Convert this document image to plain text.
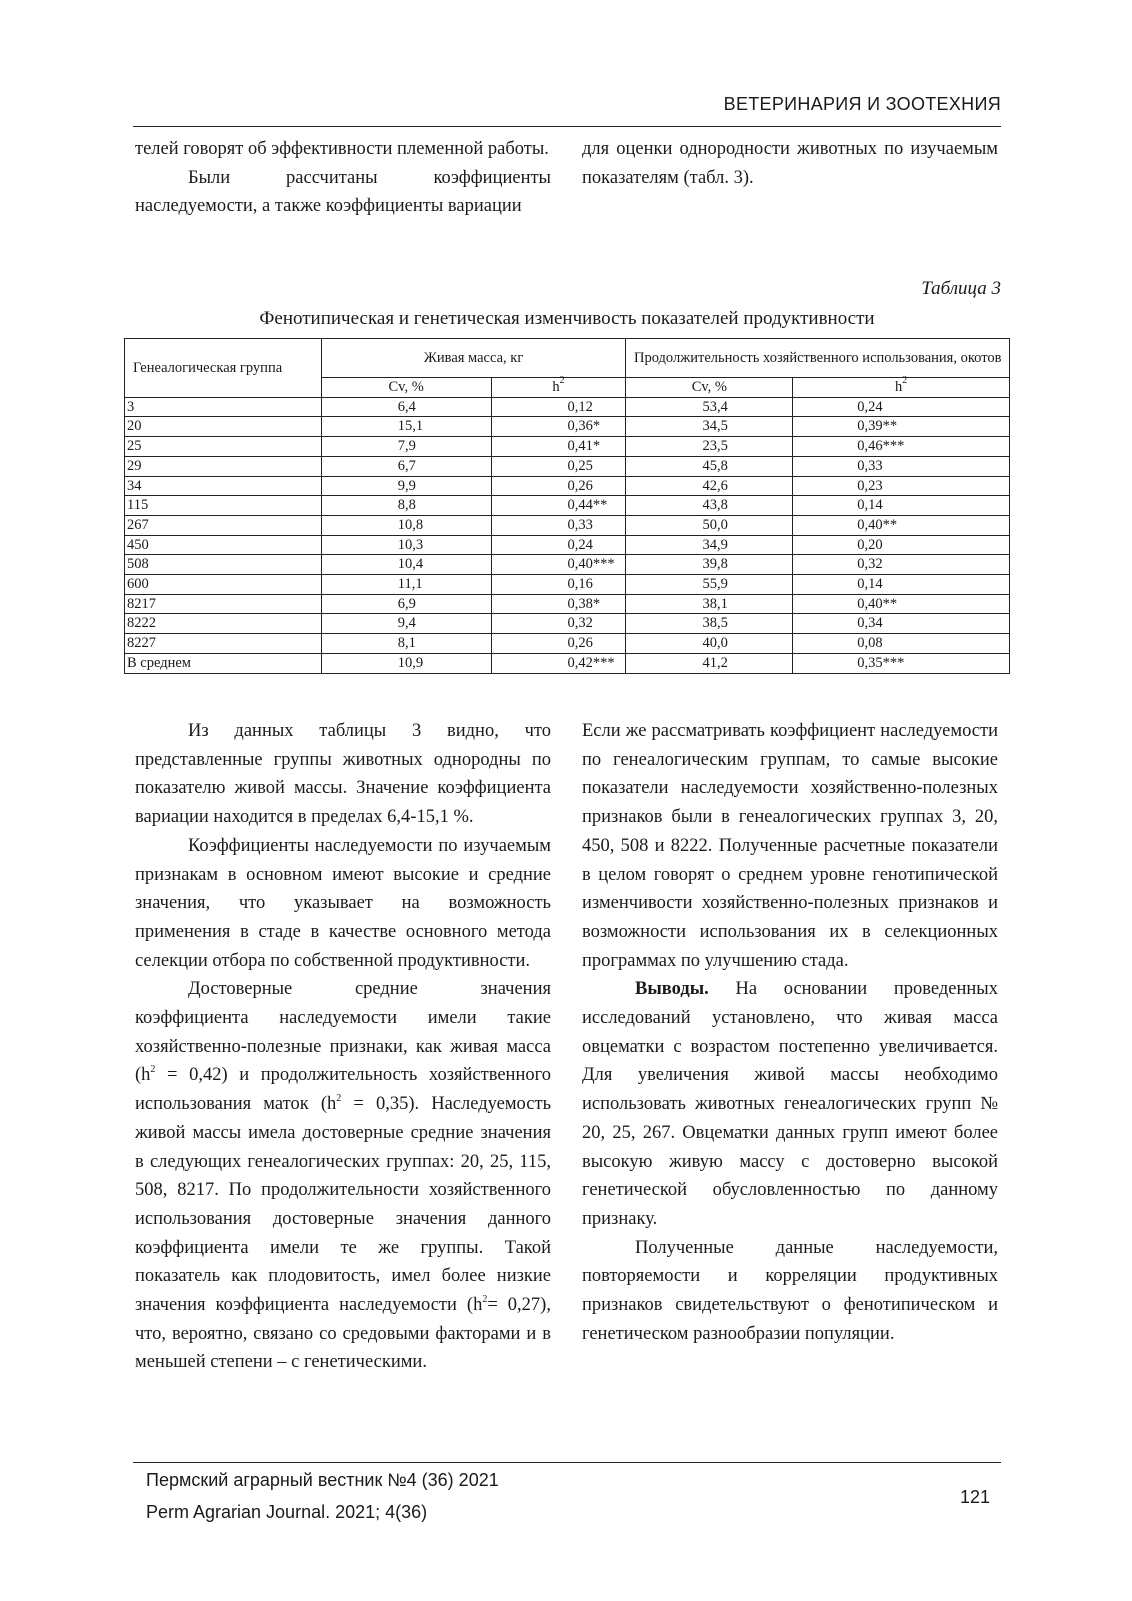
ВЕТЕРИНАРИЯ И ЗООТЕХНИЯ

телей говорят об эффективности племенной работы.

Были рассчитаны коэффициенты наследуемости, а также коэффициенты вариации

для оценки однородности животных по изучаемым показателям (табл. 3).

Таблица 3
Фенотипическая и генетическая изменчивость показателей продуктивности
Генеалогическая группа	Живая масса, кг		Продолжительность хозяйственного использования, окотов	
	Cv, %	$h^2$	Cv, %	$h^2$
3	6,4	0,12	53,4	0,24
20	15,1	0,36*	34,5	0,39**
25	7,9	0,41*	23,5	0,46***
29	6,7	0,25	45,8	0,33
34	9,9	0,26	42,6	0,23
115	8,8	0,44**	43,8	0,14
267	10,8	0,33	50,0	0,40**
450	10,3	0,24	34,9	0,20
508	10,4	0,40***	39,8	0,32
600	11,1	0,16	55,9	0,14
8217	6,9	0,38*	38,1	0,40**
8222	9,4	0,32	38,5	0,34
8227	8,1	0,26	40,0	0,08
В среднем	10,9	0,42***	41,2	0,35***

Из данных таблицы 3 видно, что представленные группы животных однородны по показателю живой массы. Значение коэффициента вариации находится в пределах 6,4-15,1 %.

Коэффициенты наследуемости по изучаемым признакам в основном имеют высокие и средние значения, что указывает на возможность применения в стаде в качестве основного метода селекции отбора по собственной продуктивности.

Достоверные средние значения коэффициента наследуемости имели такие хозяйственно-полезные признаки, как живая масса $(h^2 = 0,42)$ и продолжительность хозяйственного использования маток $(h^2 = 0,35)$. Наследуемость живой массы имела достоверные средние значения в следующих генеалогических группах: 20, 25, 115, 508, 8217. По продолжительности хозяйственного использования достоверные значения данного коэффициента имели те же группы. Такой показатель как плодовитость, имел более низкие значения коэффициента наследуемости $(h^2= 0,27)$, что, вероятно, связано со средовыми факторами и в меньшей степени – с генетическими.

Если же рассматривать коэффициент наследуемости по генеалогическим группам, то самые высокие показатели наследуемости хозяйственно-полезных признаков были в генеалогических группах 3, 20, 450, 508 и 8222. Полученные расчетные показатели в целом говорят о среднем уровне генотипической изменчивости хозяйственно-полезных признаков и возможности использования их в селекционных программах по улучшению стада.

Выводы. На основании проведенных исследований установлено, что живая масса овцематки с возрастом постепенно увеличивается. Для увеличения живой массы необходимо использовать животных генеалогических групп № 20, 25, 267. Овцематки данных групп имеют более высокую живую массу с достоверно высокой генетической обусловленностью по данному признаку.

Полученные данные наследуемости, повторяемости и корреляции продуктивных признаков свидетельствуют о фенотипическом и генетическом разнообразии популяции.

Пермский аграрный вестник №4 (36) 2021
Perm Agrarian Journal. 2021; 4(36)
121
